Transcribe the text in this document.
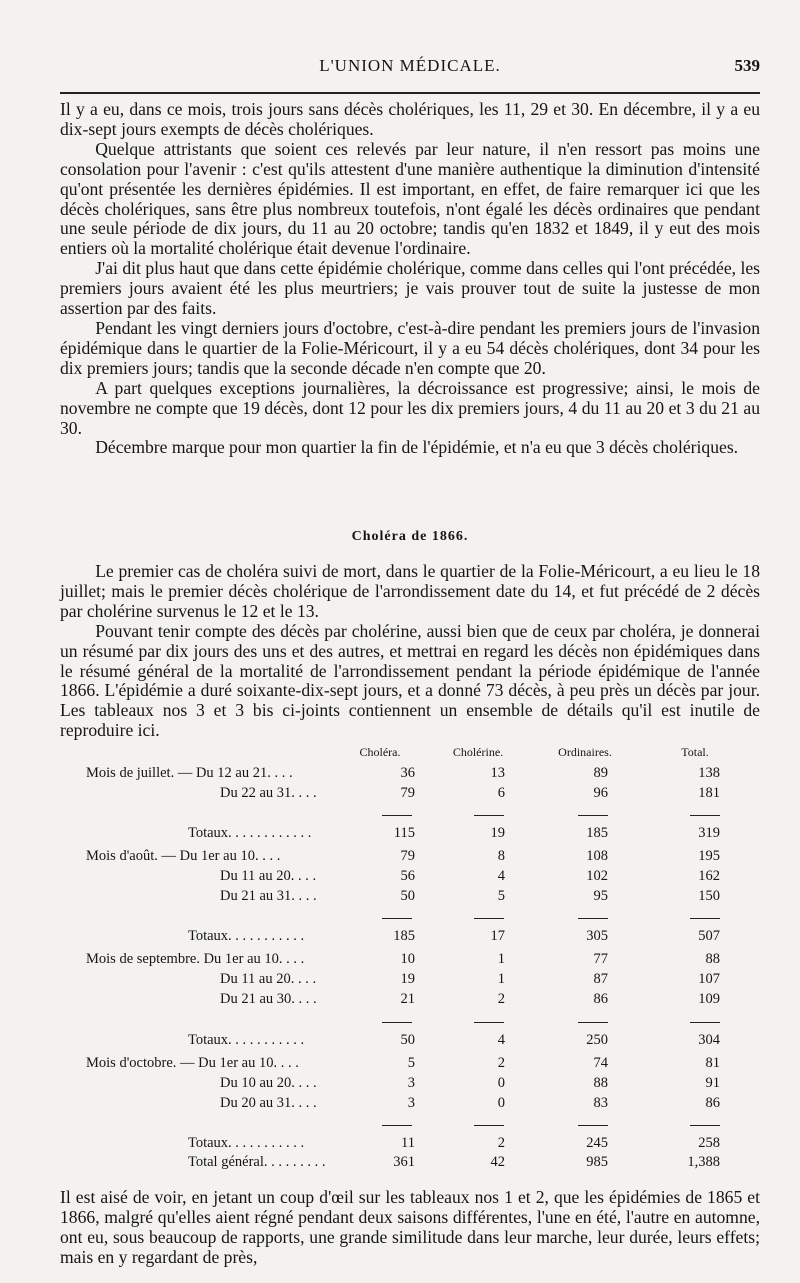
L'UNION MÉDICALE.	539

Il y a eu, dans ce mois, trois jours sans décès cholériques, les 11, 29 et 30. En décembre, il y a eu dix-sept jours exempts de décès cholériques.

Quelque attristants que soient ces relevés par leur nature, il n'en ressort pas moins une consolation pour l'avenir : c'est qu'ils attestent d'une manière authentique la diminution d'intensité qu'ont présentée les dernières épidémies. Il est important, en effet, de faire remarquer ici que les décès cholériques, sans être plus nombreux toutefois, n'ont égalé les décès ordinaires que pendant une seule période de dix jours, du 11 au 20 octobre; tandis qu'en 1832 et 1849, il y eut des mois entiers où la mortalité cholérique était devenue l'ordinaire.

J'ai dit plus haut que dans cette épidémie cholérique, comme dans celles qui l'ont précédée, les premiers jours avaient été les plus meurtriers; je vais prouver tout de suite la justesse de mon assertion par des faits.

Pendant les vingt derniers jours d'octobre, c'est-à-dire pendant les premiers jours de l'invasion épidémique dans le quartier de la Folie-Méricourt, il y a eu 54 décès cholériques, dont 34 pour les dix premiers jours; tandis que la seconde décade n'en compte que 20.

A part quelques exceptions journalières, la décroissance est progressive; ainsi, le mois de novembre ne compte que 19 décès, dont 12 pour les dix premiers jours, 4 du 11 au 20 et 3 du 21 au 30.

Décembre marque pour mon quartier la fin de l'épidémie, et n'a eu que 3 décès cholériques.

Choléra de 1866.

Le premier cas de choléra suivi de mort, dans le quartier de la Folie-Méricourt, a eu lieu le 18 juillet; mais le premier décès cholérique de l'arrondissement date du 14, et fut précédé de 2 décès par cholérine survenus le 12 et le 13.

Pouvant tenir compte des décès par cholérine, aussi bien que de ceux par choléra, je donnerai un résumé par dix jours des uns et des autres, et mettrai en regard les décès non épidémiques dans le résumé général de la mortalité de l'arrondissement pendant la période épidémique de l'année 1866. L'épidémie a duré soixante-dix-sept jours, et a donné 73 décès, à peu près un décès par jour. Les tableaux nos 3 et 3 bis ci-joints contiennent un ensemble de détails qu'il est inutile de reproduire ici.

Choléra.	Cholérine.	Ordinaires.	Total.
Mois de juillet. — Du 12 au 21. . . .	36	13	89	138
Du 22 au 31. . . .	79	6	96	181
Totaux. . . . . . . . . . . .	115	19	185	319
Mois d'août. — Du 1er au 10. . . .	79	8	108	195
Du 11 au 20. . . .	56	4	102	162
Du 21 au 31. . . .	50	5	95	150
Totaux. . . . . . . . . . .	185	17	305	507
Mois de septembre. Du 1er au 10. . . .	10	1	77	88
Du 11 au 20. . . .	19	1	87	107
Du 21 au 30. . . .	21	2	86	109
Totaux. . . . . . . . . . .	50	4	250	304
Mois d'octobre. — Du 1er au 10. . . .	5	2	74	81
Du 10 au 20. . . .	3	0	88	91
Du 20 au 31. . . .	3	0	83	86
Totaux. . . . . . . . . . .	11	2	245	258
Total général. . . . . . . . .	361	42	985	1,388
Il est aisé de voir, en jetant un coup d'œil sur les tableaux nos 1 et 2, que les épidémies de 1865 et 1866, malgré qu'elles aient régné pendant deux saisons différentes, l'une en été, l'autre en automne, ont eu, sous beaucoup de rapports, une grande similitude dans leur marche, leur durée, leurs effets; mais en y regardant de près,
